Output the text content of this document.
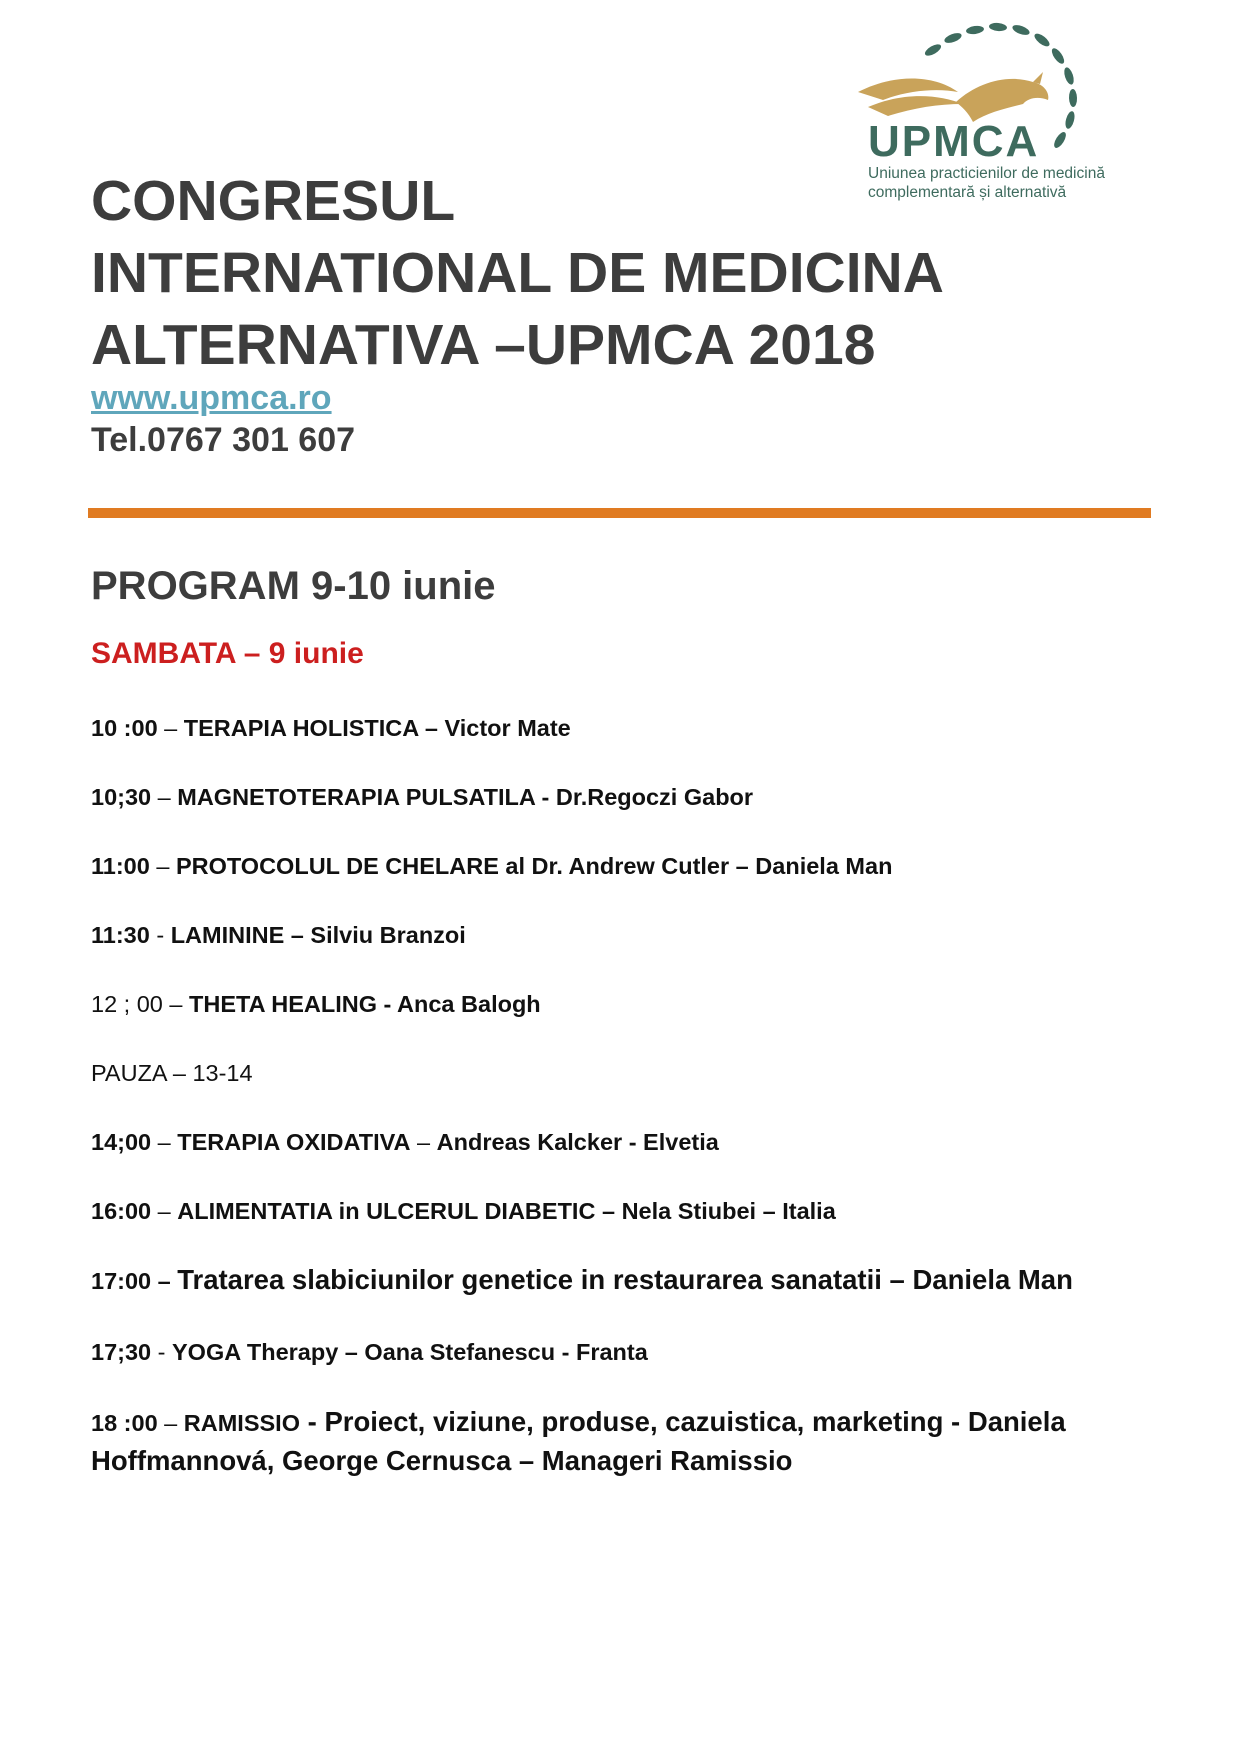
UPMCA
Uniunea practicienilor de medicină
complementară și alternativă
CONGRESUL
INTERNATIONAL DE MEDICINA
ALTERNATIVA –UPMCA 2018
www.upmca.ro
Tel.0767 301 607
PROGRAM 9-10 iunie
SAMBATA – 9 iunie
10 :00 – TERAPIA HOLISTICA – Victor Mate
10;30 – MAGNETOTERAPIA PULSATILA - Dr.Regoczi Gabor
11:00 – PROTOCOLUL DE CHELARE al Dr. Andrew Cutler – Daniela Man
11:30 - LAMININE – Silviu Branzoi
12 ; 00 – THETA HEALING - Anca Balogh
PAUZA – 13-14
14;00 – TERAPIA OXIDATIVA – Andreas Kalcker - Elvetia
16:00 – ALIMENTATIA in ULCERUL DIABETIC – Nela Stiubei – Italia
17:00 – Tratarea slabiciunilor genetice in restaurarea sanatatii – Daniela Man
17;30 - YOGA Therapy – Oana Stefanescu - Franta
18 :00 – RAMISSIO - Proiect, viziune, produse, cazuistica, marketing - Daniela Hoffmannová, George Cernusca – Manageri Ramissio
